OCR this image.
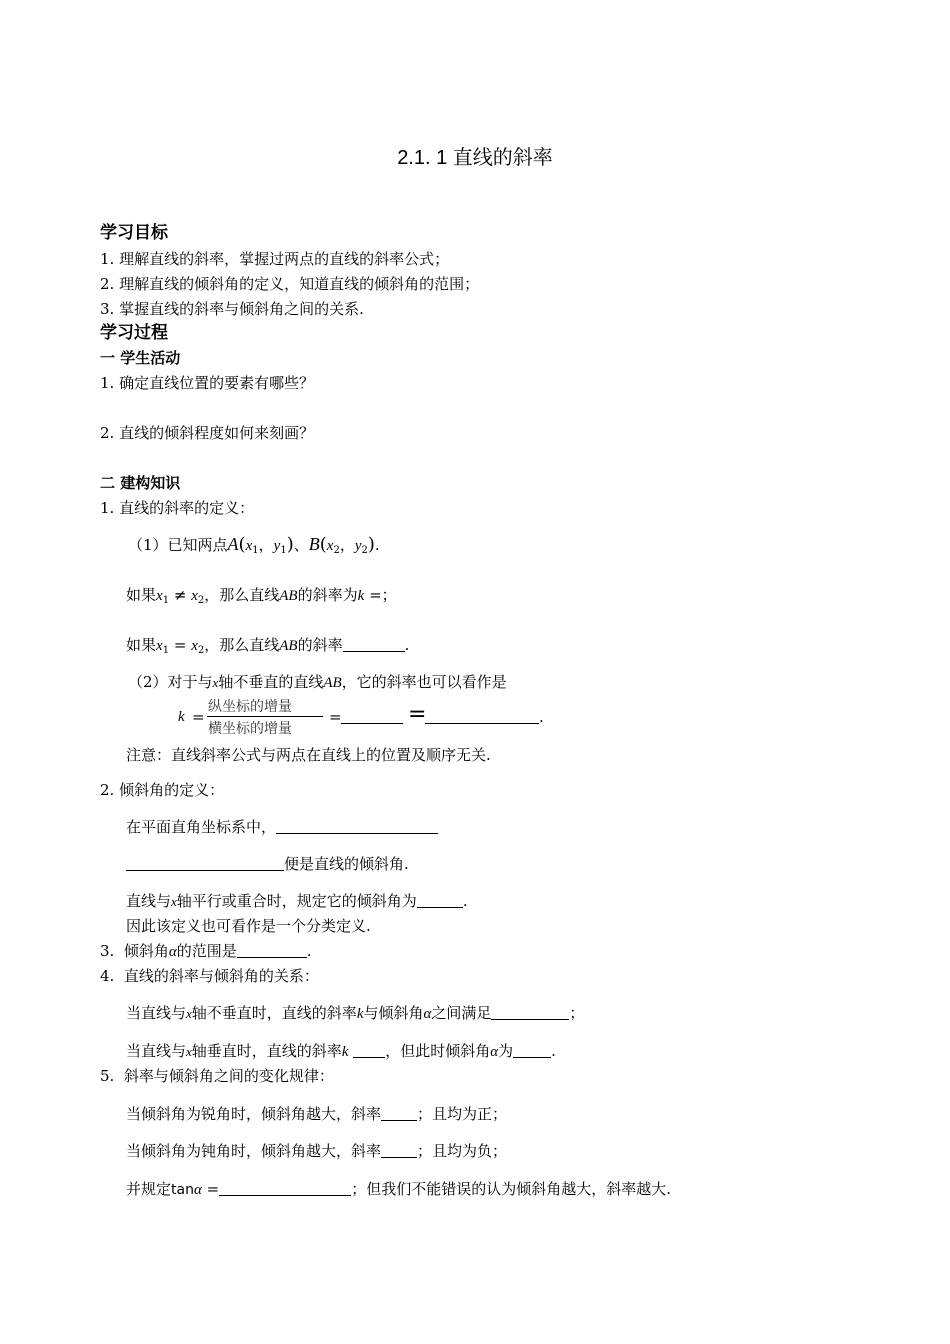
2.1. 1 直线的斜率
学习目标
1. 理解直线的斜率，掌握过两点的直线的斜率公式；
2. 理解直线的倾斜角的定义，知道直线的倾斜角的范围；
3. 掌握直线的斜率与倾斜角之间的关系.
学习过程
一 学生活动
1. 确定直线位置的要素有哪些？
2. 直线的倾斜程度如何来刻画？
二 建构知识
1. 直线的斜率的定义：
（1）已知两点$A(x_1$，$y_1$)、$B(x_2$，$y_2$).
如果$x_1 \ne x_2$，那么直线AB的斜率为k =；
如果$x_1 = x_2$，那么直线AB的斜率	.
（2）对于与x轴不垂直的直线AB，它的斜率也可以看作是
k =
纵坐标的增量
横坐标的增量
=	=	.
注意：直线斜率公式与两点在直线上的位置及顺序无关.
2. 倾斜角的定义：
在平面直角坐标系中，
便是直线的倾斜角.
直线与x轴平行或重合时，规定它的倾斜角为	.
因此该定义也可看作是一个分类定义.
3. 倾斜角α的范围是	.
4. 直线的斜率与倾斜角的关系：
当直线与x轴不垂直时，直线的斜率k与倾斜角α之间满足	；
当直线与x轴垂直时，直线的斜率k ，但此时倾斜角α为	.
5. 斜率与倾斜角之间的变化规律：
当倾斜角为锐角时，倾斜角越大，斜率 ；且均为正；
当倾斜角为钝角时，倾斜角越大，斜率 ；且均为负；
并规定tanα =	；但我们不能错误的认为倾斜角越大，斜率越大.
